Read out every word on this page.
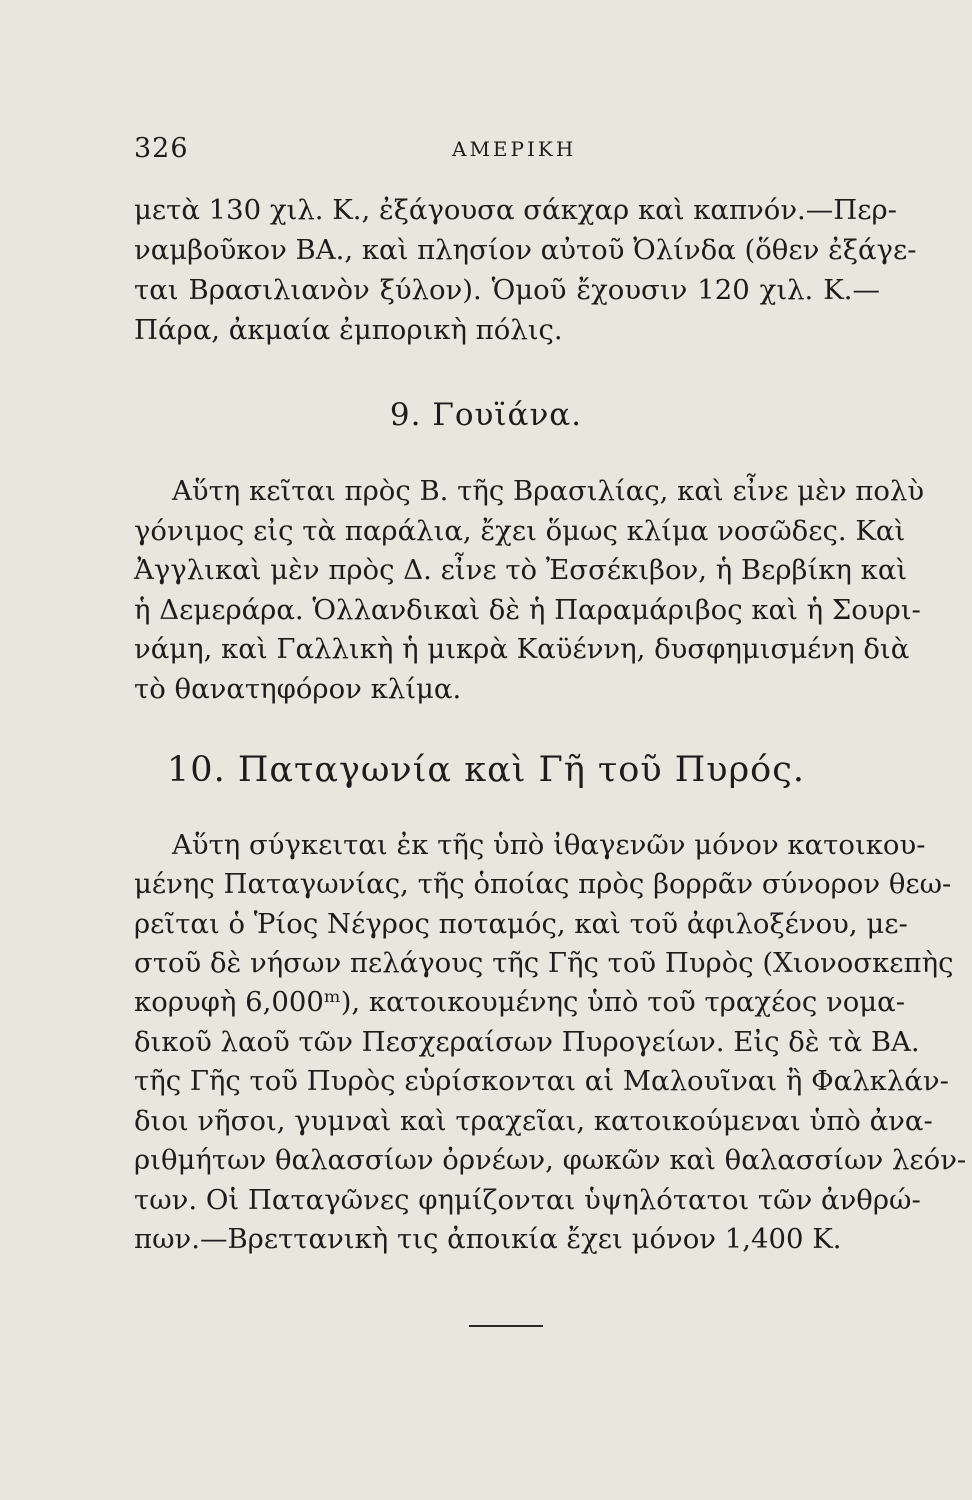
326	ΑΜΕΡΙΚΗ
μετὰ 130 χιλ. Κ., ἐξάγουσα σάκχαρ καὶ καπνόν.—Περ-
ναμβοῦκον ΒΑ., καὶ πλησίον αὐτοῦ Ὀλίνδα (ὅθεν ἐξάγε-
ται Βρασιλιανὸν ξύλον). Ὁμοῦ ἔχουσιν 120 χιλ. Κ.—
Πάρα, ἀκμαία ἐμπορικὴ πόλις.
9. Γουϊάνα.
Αὕτη κεῖται πρὸς Β. τῆς Βρασιλίας, καὶ εἶνε μὲν πολὺ
γόνιμος εἰς τὰ παράλια, ἔχει ὅμως κλίμα νοσῶδες. Καὶ
Ἀγγλικαὶ μὲν πρὸς Δ. εἶνε τὸ Ἐσσέκιβον, ἡ Βερβίκη καὶ
ἡ Δεμεράρα. Ὁλλανδικαὶ δὲ ἡ Παραμάριβος καὶ ἡ Σουρι-
νάμη, καὶ Γαλλικὴ ἡ μικρὰ Καϋέννη, δυσφημισμένη διὰ
τὸ θανατηφόρον κλίμα.
10. Παταγωνία καὶ Γῆ τοῦ Πυρός.
Αὕτη σύγκειται ἐκ τῆς ὑπὸ ἰθαγενῶν μόνον κατοικου-
μένης Παταγωνίας, τῆς ὁποίας πρὸς βορρᾶν σύνορον θεω-
ρεῖται ὁ Ῥίος Νέγρος ποταμός, καὶ τοῦ ἀφιλοξένου, με-
στοῦ δὲ νήσων πελάγους τῆς Γῆς τοῦ Πυρὸς (Χιονοσκεπὴς
κορυφὴ 6,000ᵐ), κατοικουμένης ὑπὸ τοῦ τραχέος νομα-
δικοῦ λαοῦ τῶν Πεσχεραίσων Πυρογείων. Εἰς δὲ τὰ ΒΑ.
τῆς Γῆς τοῦ Πυρὸς εὑρίσκονται αἱ Μαλουῖναι ἢ Φαλκλάν-
διοι νῆσοι, γυμναὶ καὶ τραχεῖαι, κατοικούμεναι ὑπὸ ἀνα-
ριθμήτων θαλασσίων ὀρνέων, φωκῶν καὶ θαλασσίων λεόν-
των. Οἱ Παταγῶνες φημίζονται ὑψηλότατοι τῶν ἀνθρώ-
πων.—Βρεττανικὴ τις ἀποικία ἔχει μόνον 1,400 Κ.
